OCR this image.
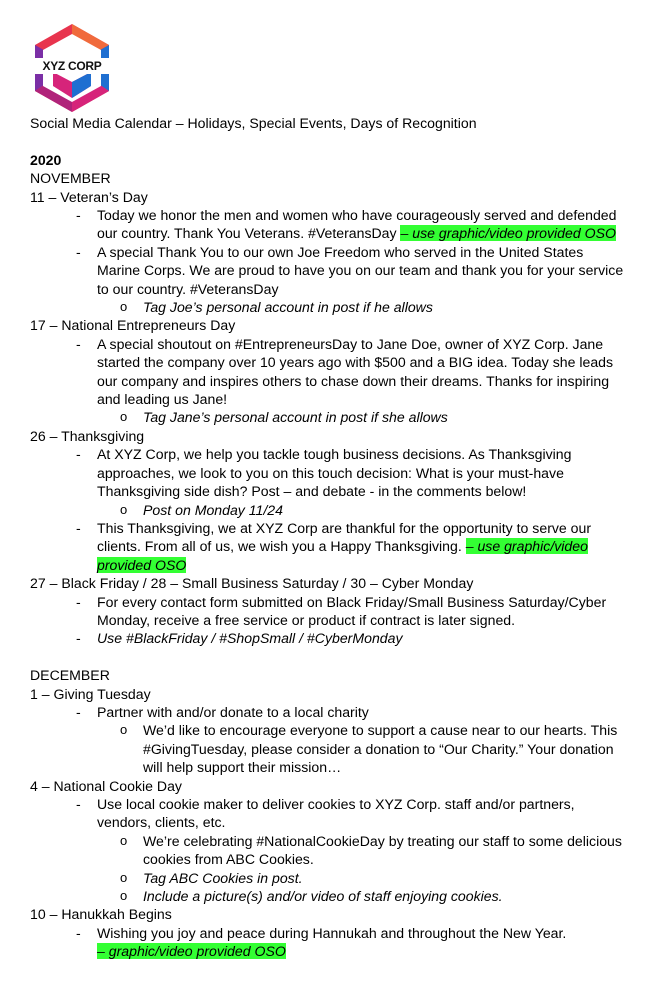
XYZ CORP
Social Media Calendar – Holidays, Special Events, Days of Recognition
2020
NOVEMBER
11 – Veteran’s Day
- Today we honor the men and women who have courageously served and defended
our country. Thank You Veterans. #VeteransDay – use graphic/video provided OSO
- A special Thank You to our own Joe Freedom who served in the United States
Marine Corps. We are proud to have you on our team and thank you for your service
to our country. #VeteransDay
o Tag Joe’s personal account in post if he allows
17 – National Entrepreneurs Day
- A special shoutout on #EntrepreneursDay to Jane Doe, owner of XYZ Corp. Jane
started the company over 10 years ago with $500 and a BIG idea. Today she leads
our company and inspires others to chase down their dreams. Thanks for inspiring
and leading us Jane!
o Tag Jane’s personal account in post if she allows
26 – Thanksgiving
- At XYZ Corp, we help you tackle tough business decisions. As Thanksgiving
approaches, we look to you on this touch decision: What is your must-have
Thanksgiving side dish? Post – and debate - in the comments below!
o Post on Monday 11/24
- This Thanksgiving, we at XYZ Corp are thankful for the opportunity to serve our
clients. From all of us, we wish you a Happy Thanksgiving. – use graphic/video
provided OSO
27 – Black Friday / 28 – Small Business Saturday / 30 – Cyber Monday
- For every contact form submitted on Black Friday/Small Business Saturday/Cyber
Monday, receive a free service or product if contract is later signed.
- Use #BlackFriday / #ShopSmall / #CyberMonday
DECEMBER
1 – Giving Tuesday
- Partner with and/or donate to a local charity
o We’d like to encourage everyone to support a cause near to our hearts. This
#GivingTuesday, please consider a donation to “Our Charity.” Your donation
will help support their mission…
4 – National Cookie Day
- Use local cookie maker to deliver cookies to XYZ Corp. staff and/or partners,
vendors, clients, etc.
o We’re celebrating #NationalCookieDay by treating our staff to some delicious
cookies from ABC Cookies.
o Tag ABC Cookies in post.
o Include a picture(s) and/or video of staff enjoying cookies.
10 – Hanukkah Begins
- Wishing you joy and peace during Hannukah and throughout the New Year.
– graphic/video provided OSO
